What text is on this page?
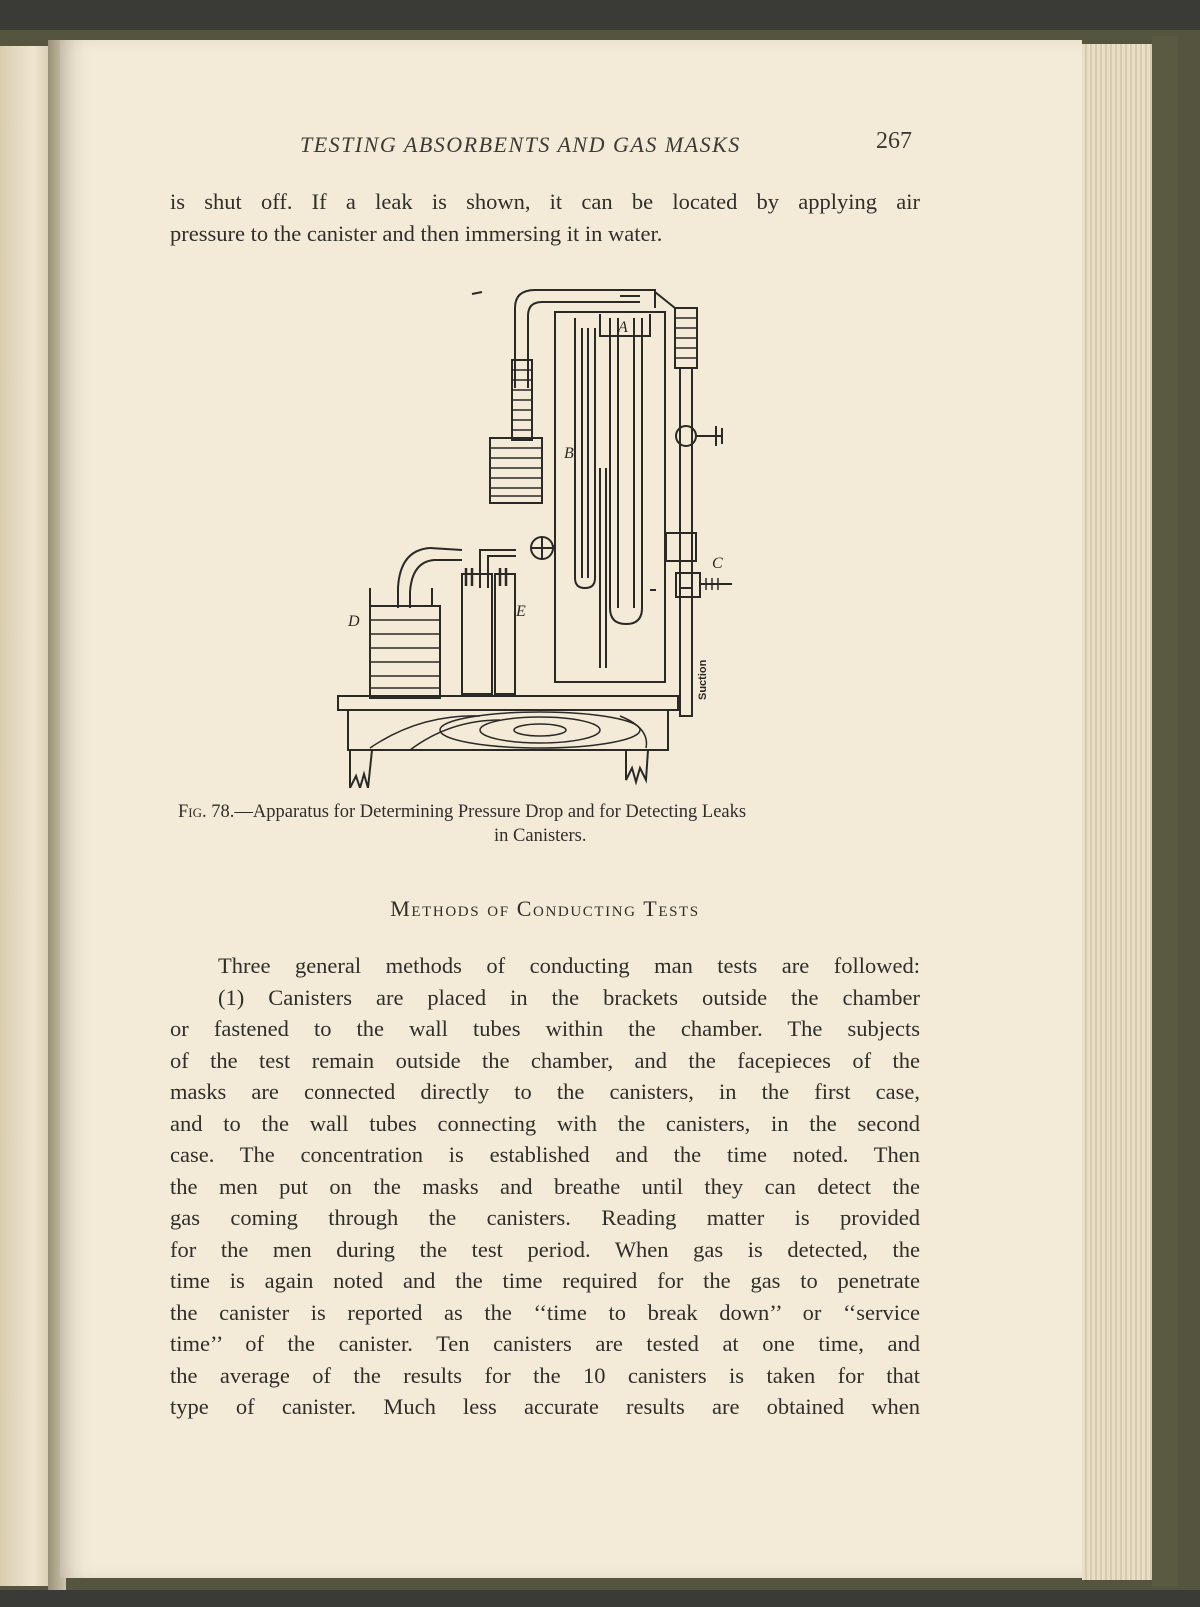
TESTING ABSORBENTS AND GAS MASKS	267
is shut off. If a leak is shown, it can be located by applying air
pressure to the canister and then immersing it in water.
A
B
C
D
E
Suction
Fig. 78.—Apparatus for Determining Pressure Drop and for Detecting Leaks
in Canisters.
Methods of Conducting Tests
Three general methods of conducting man tests are followed:
(1) Canisters are placed in the brackets outside the chamber
or fastened to the wall tubes within the chamber. The subjects
of the test remain outside the chamber, and the facepieces of the
masks are connected directly to the canisters, in the first case,
and to the wall tubes connecting with the canisters, in the second
case. The concentration is established and the time noted. Then
the men put on the masks and breathe until they can detect the
gas coming through the canisters. Reading matter is provided
for the men during the test period. When gas is detected, the
time is again noted and the time required for the gas to penetrate
the canister is reported as the ‘‘time to break down’’ or ‘‘service
time’’ of the canister. Ten canisters are tested at one time, and
the average of the results for the 10 canisters is taken for that
type of canister. Much less accurate results are obtained when
